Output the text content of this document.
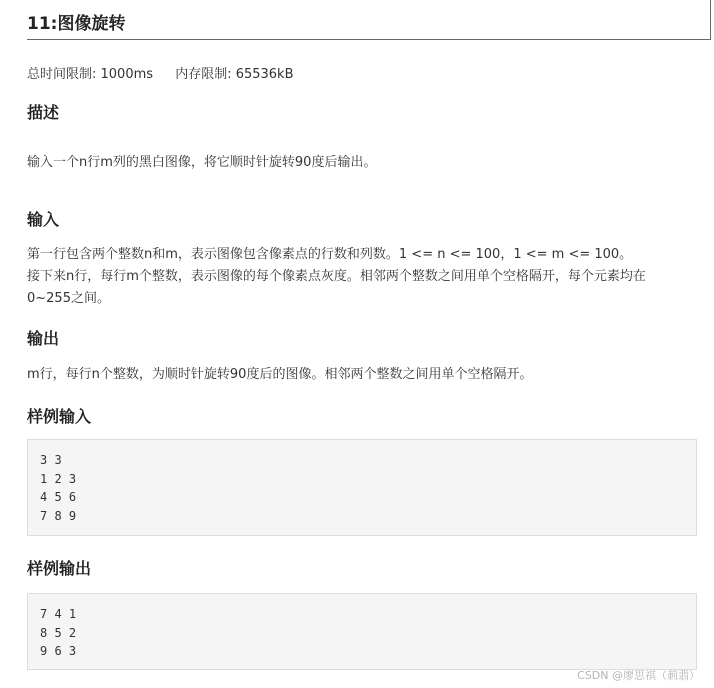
11:图像旋转
总时间限制: 1000ms 内存限制: 65536kB
描述
输入一个n行m列的黑白图像，将它顺时针旋转90度后输出。
输入
第一行包含两个整数n和m，表示图像包含像素点的行数和列数。1 <= n <= 100，1 <= m <= 100。
接下来n行，每行m个整数，表示图像的每个像素点灰度。相邻两个整数之间用单个空格隔开，每个元素均在
0~255之间。
输出
m行，每行n个整数，为顺时针旋转90度后的图像。相邻两个整数之间用单个空格隔开。
样例输入
3 3
1 2 3
4 5 6
7 8 9
样例输出
7 4 1
8 5 2
9 6 3
CSDN @廖思祺（莿翡）
